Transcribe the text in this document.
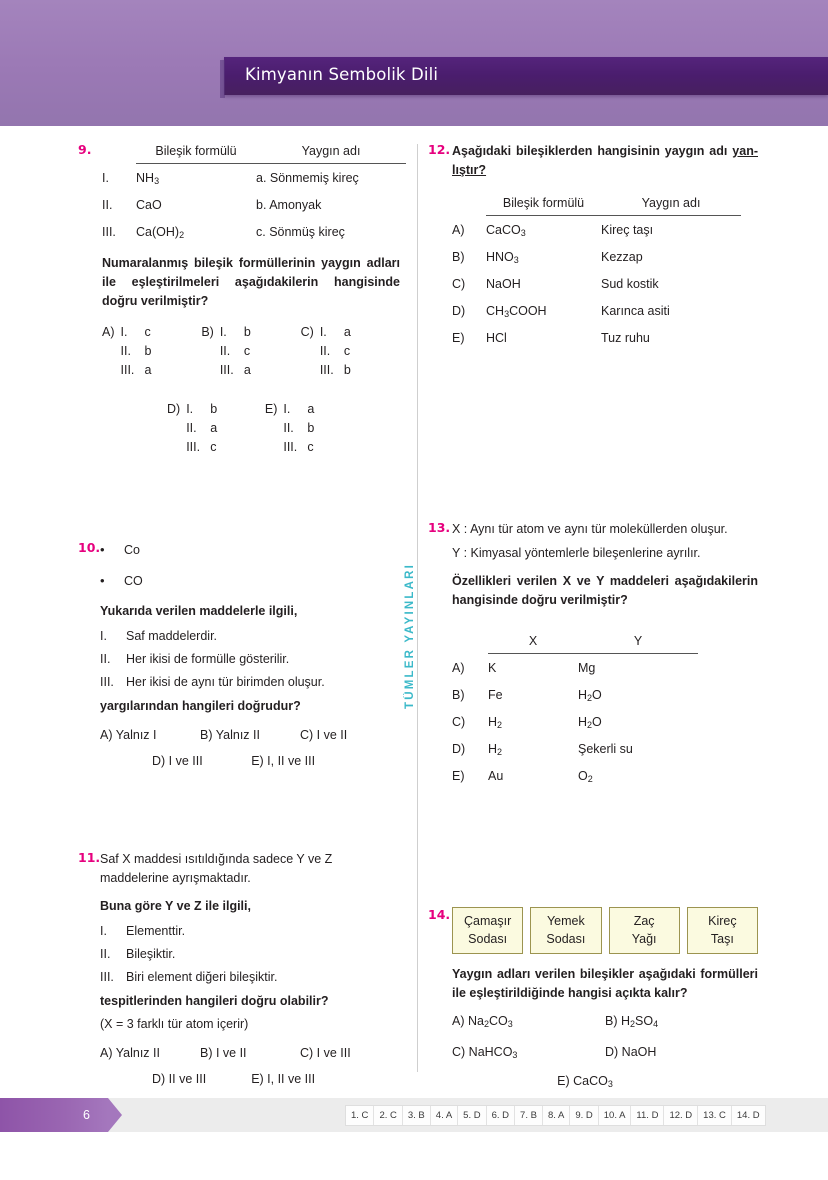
Kimyanın Sembolik Dili
TÜMLER YAYINLARI
9.	Bileşik formülü	Yaygın adı
I.	$NH_3$	a. Sönmemiş kireç
II.	CaO	b. Amonyak
III.	$Ca(OH)_2$	c. Sönmüş kireç
Numaralanmış bileşik formüllerinin yaygın adları ile eşleştirilmeleri aşağıdakilerin hangisinde doğru verilmiştir?
A) I.	c
II.	b
III. a
B) I.	b
II.	c
III. a
C) I.	a
II.	c
III. b
D) I.	b
II.	a
III. c
E) I.	a
II.	b
III. c
10. •	Co
•	CO
Yukarıda verilen maddelerle ilgili,
I.	Saf maddelerdir.
II.	Her ikisi de formülle gösterilir.
III. Her ikisi de aynı tür birimden oluşur.
yargılarından hangileri doğrudur?
A) Yalnız I	B) Yalnız II	C) I ve II
D) I ve III	E) I, II ve III
11. Saf X maddesi ısıtıldığında sadece Y ve Z maddelerine ayrışmaktadır.
Buna göre Y ve Z ile ilgili,
I.	Elementtir.
II.	Bileşiktir.
III. Biri element diğeri bileşiktir.
tespitlerinden hangileri doğru olabilir?
(X = 3 farklı tür atom içerir)
A) Yalnız II	B) I ve II	C) I ve III
D) II ve III	E) I, II ve III
12. Aşağıdaki bileşiklerden hangisinin yaygın adı yan-lıştır?
Bileşik formülü	Yaygın adı
A)	CaCO$_3$	Kireç taşı
B)	$HNO_3$	Kezzap
C)	NaOH	Sud kostik
D)	$CH_3COOH$	Karınca asiti
E)	HCl	Tuz ruhu
13. X : Aynı tür atom ve aynı tür moleküllerden oluşur.
Y : Kimyasal yöntemlerle bileşenlerine ayrılır.
Özellikleri verilen X ve Y maddeleri aşağıdakilerin hangisinde doğru verilmiştir?
X	Y
A)	K	Mg
B)	Fe	$H_2O$
C)	$H_2$	$H_2O$
D)	$H_2$	Şekerli su
E)	Au	$O_2$
14.	Çamaşır
Sodası
Yemek
Sodası
Zaç
Yağı
Kireç
Taşı
Yaygın adları verilen bileşikler aşağıdaki formülleri ile eşleştirildiğinde hangisi açıkta kalır?
A) $Na_2CO_3$	B) $H_2SO_4$
C) NaHCO$_3$	D) NaOH
E) CaCO$_3$
6	1. C	2. C	3. B	4. A	5. D	6. D	7. B	8. A	9. D	10. A	11. D	12. D	13. C	14. D
